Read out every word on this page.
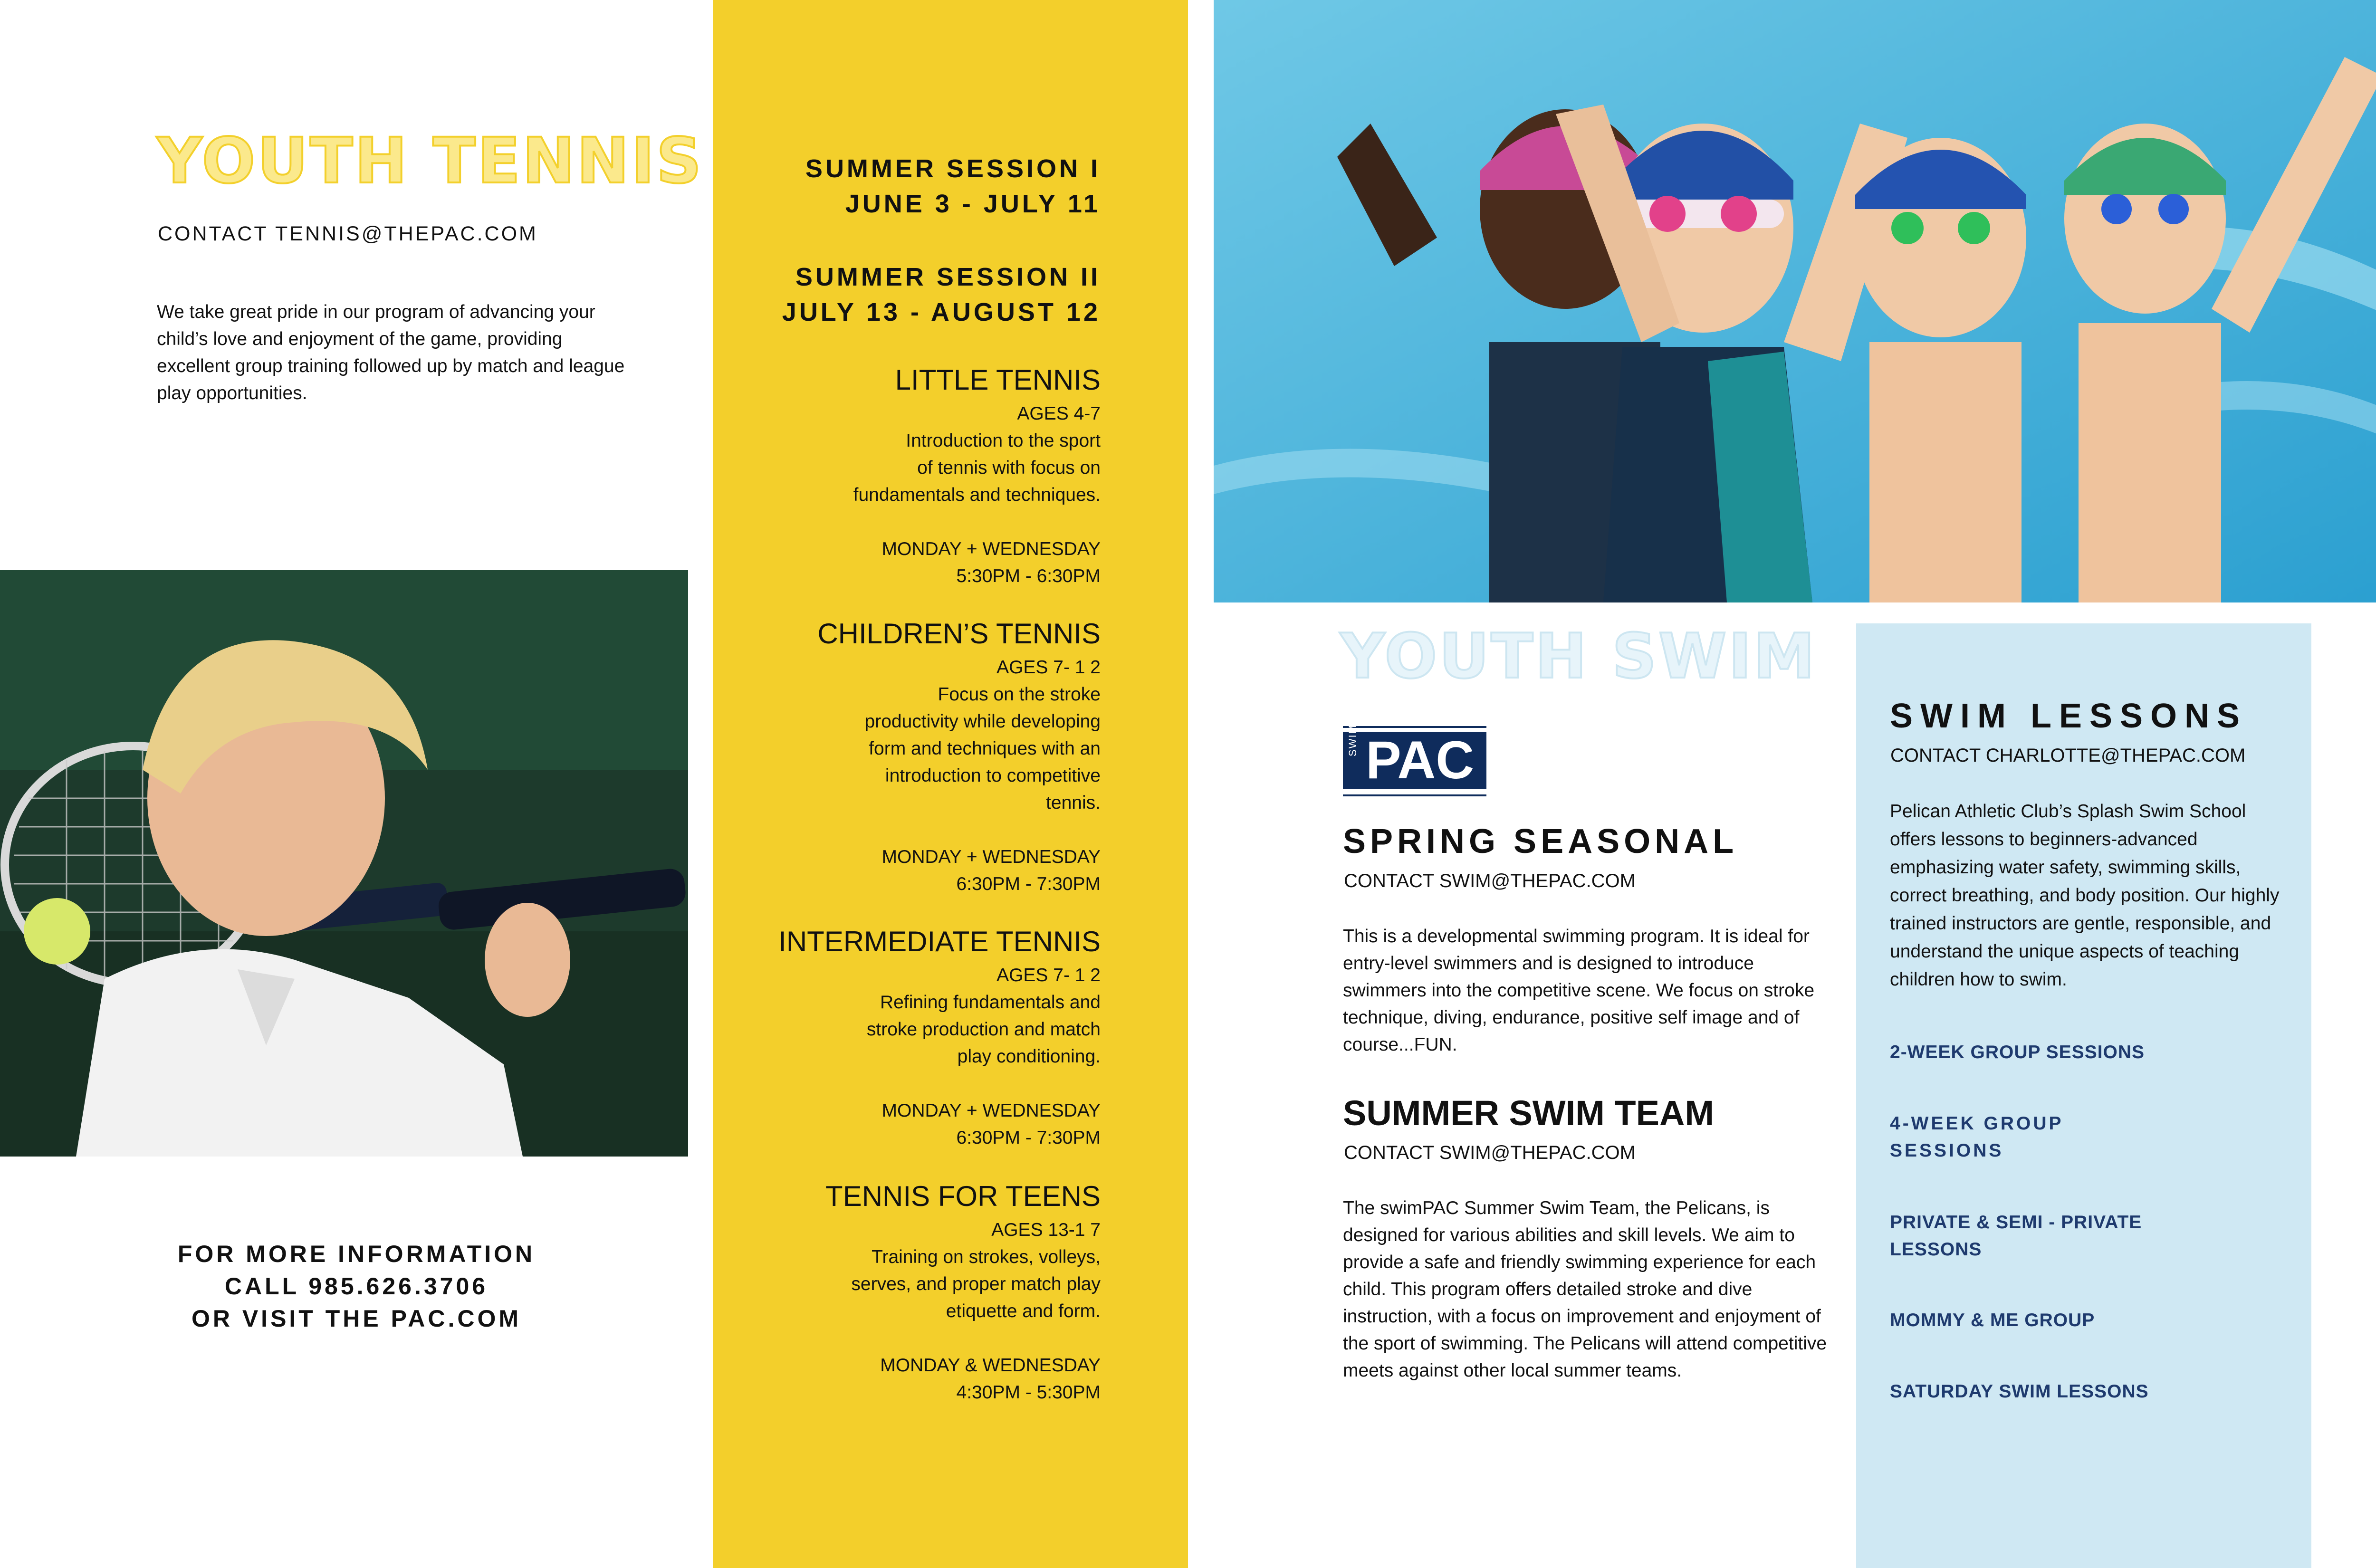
YOUTH TENNIS
CONTACT TENNIS@THEPAC.COM
We take great pride in our program of advancing your child’s love and enjoyment of the game, providing excellent group training followed up by match and league play opportunities.
FOR MORE INFORMATION
CALL 985.626.3706
OR VISIT THE PAC.COM
SUMMER SESSION I
JUNE 3 - JULY 11
SUMMER SESSION II
JULY 13 - AUGUST 12
LITTLE TENNIS
AGES 4-7
Introduction to the sport
of tennis with focus on
fundamentals and techniques.
MONDAY + WEDNESDAY
5:30PM - 6:30PM
CHILDREN’S TENNIS
AGES 7- 1 2
Focus on the stroke
productivity while developing
form and techniques with an
introduction to competitive
tennis.
MONDAY + WEDNESDAY
6:30PM - 7:30PM
INTERMEDIATE TENNIS
AGES 7- 1 2
Refining fundamentals and
stroke production and match
play conditioning.
MONDAY + WEDNESDAY
6:30PM - 7:30PM
TENNIS FOR TEENS
AGES 13-1 7
Training on strokes, volleys,
serves, and proper match play
etiquette and form.
MONDAY & WEDNESDAY
4:30PM - 5:30PM
YOUTH SWIM
SWIM PAC
SPRING SEASONAL
CONTACT SWIM@THEPAC.COM
This is a developmental swimming program. It is ideal for entry-level swimmers and is designed to introduce swimmers into the competitive scene. We focus on stroke technique, diving, endurance, positive self image and of course...FUN.
SUMMER SWIM TEAM
CONTACT SWIM@THEPAC.COM
The swimPAC Summer Swim Team, the Pelicans, is designed for various abilities and skill levels. We aim to provide a safe and friendly swimming experience for each child. This program offers detailed stroke and dive instruction, with a focus on improvement and enjoyment of the sport of swimming. The Pelicans will attend competitive meets against other local summer teams.
SWIM LESSONS
CONTACT CHARLOTTE@THEPAC.COM
Pelican Athletic Club’s Splash Swim School offers lessons to beginners-advanced emphasizing water safety, swimming skills, correct breathing, and body position. Our highly trained instructors are gentle, responsible, and understand the unique aspects of teaching children how to swim.
2-WEEK GROUP SESSIONS
4-WEEK GROUP SESSIONS
PRIVATE & SEMI - PRIVATE LESSONS
MOMMY & ME GROUP
SATURDAY SWIM LESSONS
